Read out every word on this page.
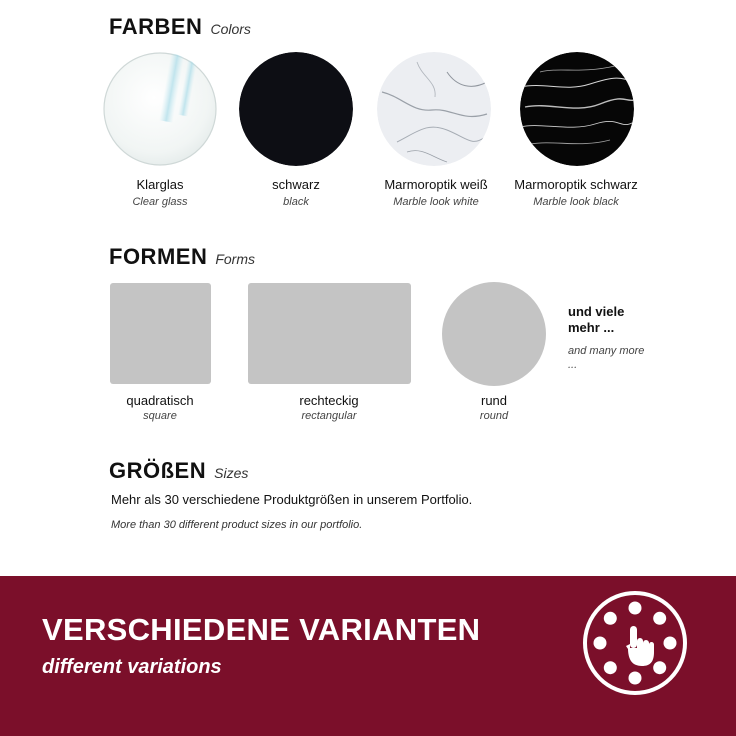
FARBEN Colors
Klarglas
Clear glass
schwarz
black
Marmoroptik weiß
Marble look white
Marmoroptik schwarz
Marble look black
FORMEN Forms
quadratisch
square
rechteckig
rectangular
rund
round
und viele mehr ...
and many more ...
GRÖßEN Sizes
Mehr als 30 verschiedene Produktgrößen in unserem Portfolio.
More than 30 different product sizes in our portfolio.
VERSCHIEDENE VARIANTEN
different variations
